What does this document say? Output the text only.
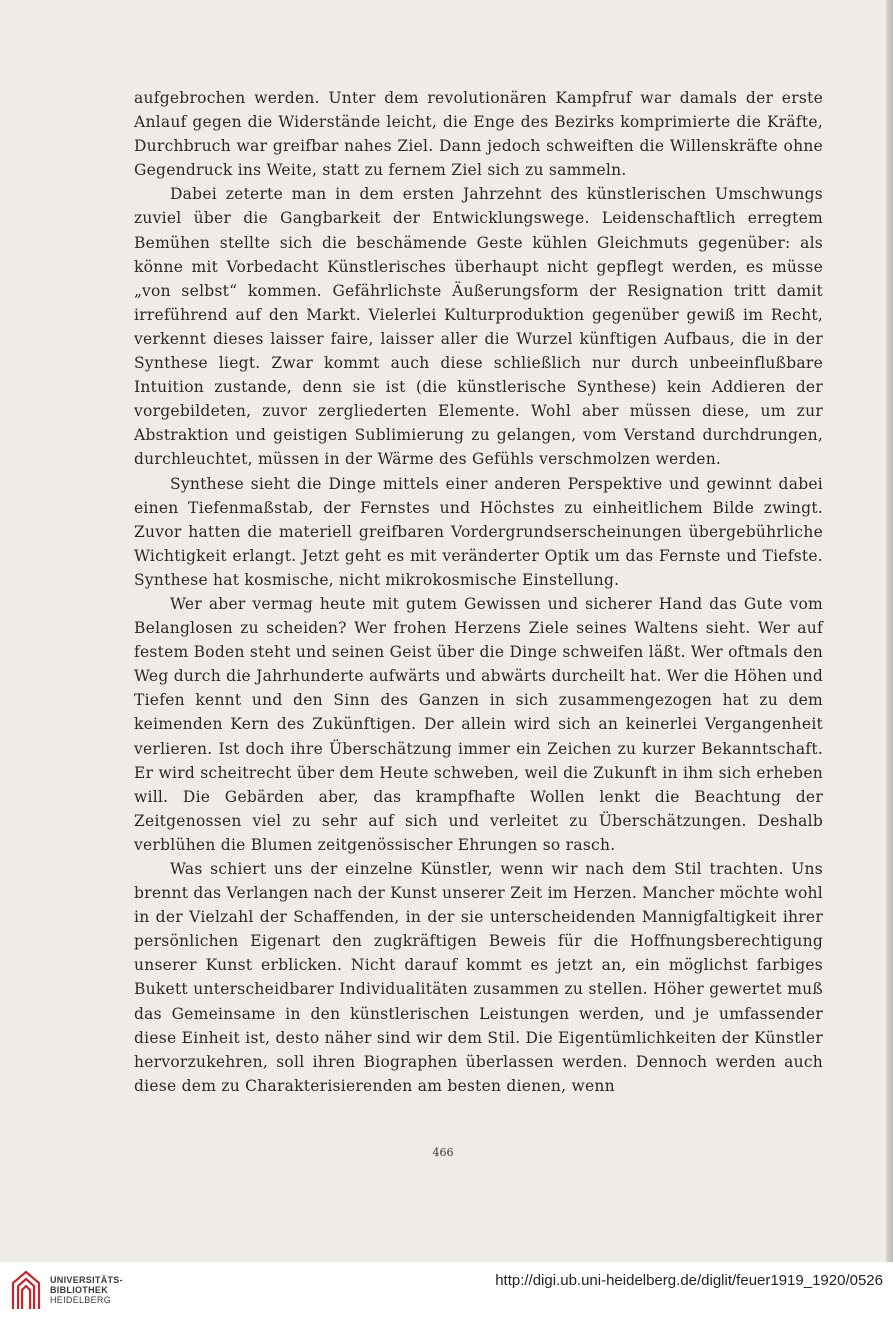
aufgebrochen werden. Unter dem revolutionären Kampfruf war damals der erste Anlauf gegen die Widerstände leicht, die Enge des Bezirks komprimierte die Kräfte, Durchbruch war greifbar nahes Ziel. Dann jedoch schweiften die Willenskräfte ohne Gegendruck ins Weite, statt zu fernem Ziel sich zu sammeln.

Dabei zeterte man in dem ersten Jahrzehnt des künstlerischen Umschwungs zuviel über die Gangbarkeit der Entwicklungswege. Leidenschaftlich erregtem Bemühen stellte sich die beschämende Geste kühlen Gleichmuts gegenüber: als könne mit Vorbedacht Künstlerisches überhaupt nicht gepflegt werden, es müsse „von selbst“ kommen. Gefährlichste Äußerungsform der Resignation tritt damit irreführend auf den Markt. Vielerlei Kulturproduktion gegenüber gewiß im Recht, verkennt dieses laisser faire, laisser aller die Wurzel künftigen Aufbaus, die in der Synthese liegt. Zwar kommt auch diese schließlich nur durch unbeeinflußbare Intuition zustande, denn sie ist (die künstlerische Synthese) kein Addieren der vorgebildeten, zuvor zergliederten Elemente. Wohl aber müssen diese, um zur Abstraktion und geistigen Sublimierung zu gelangen, vom Verstand durchdrungen, durchleuchtet, müssen in der Wärme des Gefühls verschmolzen werden.

Synthese sieht die Dinge mittels einer anderen Perspektive und gewinnt dabei einen Tiefenmaßstab, der Fernstes und Höchstes zu einheitlichem Bilde zwingt. Zuvor hatten die materiell greifbaren Vordergrundserscheinungen übergebührliche Wichtigkeit erlangt. Jetzt geht es mit veränderter Optik um das Fernste und Tiefste. Synthese hat kosmische, nicht mikrokosmische Einstellung.

Wer aber vermag heute mit gutem Gewissen und sicherer Hand das Gute vom Belanglosen zu scheiden? Wer frohen Herzens Ziele seines Waltens sieht. Wer auf festem Boden steht und seinen Geist über die Dinge schweifen läßt. Wer oftmals den Weg durch die Jahrhunderte aufwärts und abwärts durcheilt hat. Wer die Höhen und Tiefen kennt und den Sinn des Ganzen in sich zusammengezogen hat zu dem keimenden Kern des Zukünftigen. Der allein wird sich an keinerlei Vergangenheit verlieren. Ist doch ihre Überschätzung immer ein Zeichen zu kurzer Bekanntschaft. Er wird scheitrecht über dem Heute schweben, weil die Zukunft in ihm sich erheben will. Die Gebärden aber, das krampfhafte Wollen lenkt die Beachtung der Zeitgenossen viel zu sehr auf sich und verleitet zu Überschätzungen. Deshalb verblühen die Blumen zeitgenössischer Ehrungen so rasch.

Was schiert uns der einzelne Künstler, wenn wir nach dem Stil trachten. Uns brennt das Verlangen nach der Kunst unserer Zeit im Herzen. Mancher möchte wohl in der Vielzahl der Schaffenden, in der sie unterscheidenden Mannigfaltigkeit ihrer persönlichen Eigenart den zugkräftigen Beweis für die Hoffnungsberechtigung unserer Kunst erblicken. Nicht darauf kommt es jetzt an, ein möglichst farbiges Bukett unterscheidbarer Individualitäten zusammen zu stellen. Höher gewertet muß das Gemeinsame in den künstlerischen Leistungen werden, und je umfassender diese Einheit ist, desto näher sind wir dem Stil. Die Eigentümlichkeiten der Künstler hervorzukehren, soll ihren Biographen überlassen werden. Dennoch werden auch diese dem zu Charakterisierenden am besten dienen, wenn

466
UNIVERSITÄTS-
BIBLIOTHEK
HEIDELBERG
http://digi.ub.uni-heidelberg.de/diglit/feuer1919_1920/0526
